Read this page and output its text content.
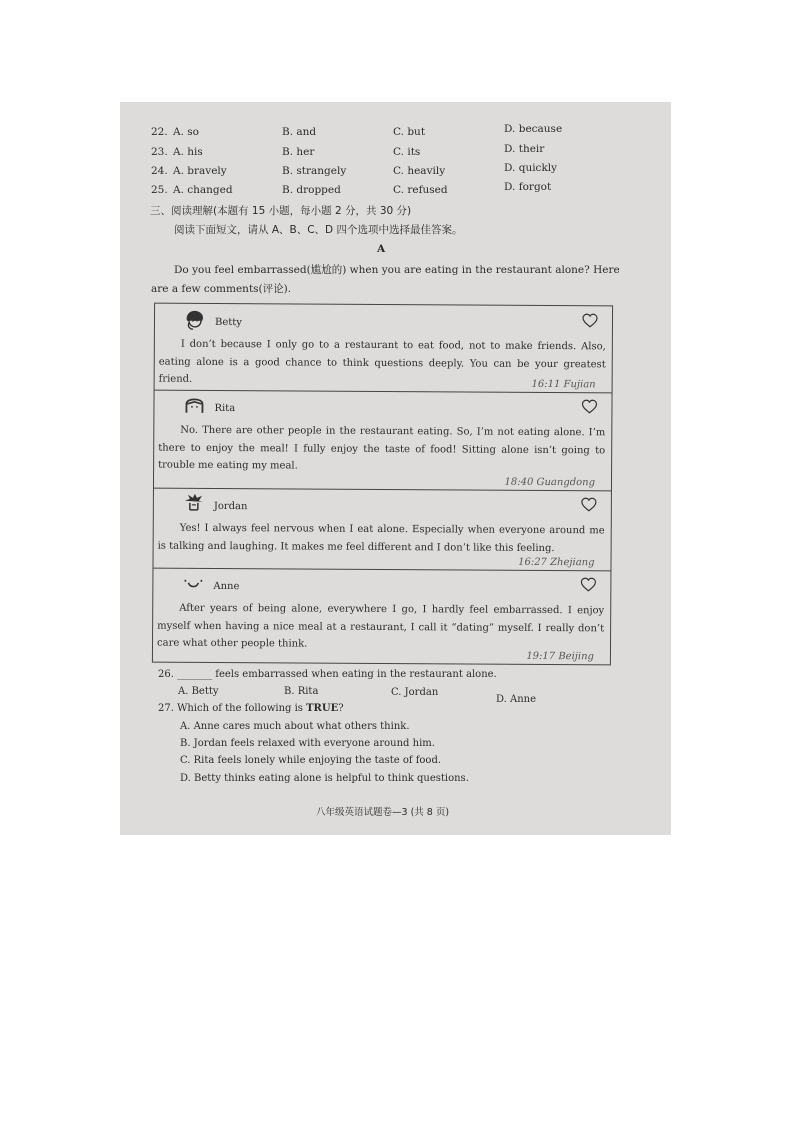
22. A. so	B. and	C. but	D. because
23. A. his	B. her	C. its	D. their
24. A. bravely	B. strangely	C. heavily	D. quickly
25. A. changed	B. dropped	C. refused	D. forgot
三、阅读理解(本题有 15 小题，每小题 2 分，共 30 分)
阅读下面短文，请从 A、B、C、D 四个选项中选择最佳答案。
A
Do you feel embarrassed(尴尬的) when you are eating in the restaurant alone? Here
are a few comments(评论).
Betty
I don’t because I only go to a restaurant to eat food, not to make friends. Also, eating alone is a good chance to think questions deeply. You can be your greatest friend.	16:11 Fujian
Rita
No. There are other people in the restaurant eating. So, I’m not eating alone. I’m there to enjoy the meal! I fully enjoy the taste of food! Sitting alone isn’t going to trouble me eating my meal.
18:40 Guangdong
Jordan
Yes! I always feel nervous when I eat alone. Especially when everyone around me is talking and laughing. It makes me feel different and I don’t like this feeling.
16:27 Zhejiang
Anne
After years of being alone, everywhere I go, I hardly feel embarrassed. I enjoy myself when having a nice meal at a restaurant, I call it “dating” myself. I really don’t care what other people think.
19:17 Beijing
26. _______ feels embarrassed when eating in the restaurant alone.
A. Betty	B. Rita	C. Jordan
D. Anne
27. Which of the following is TRUE?
A. Anne cares much about what others think.
B. Jordan feels relaxed with everyone around him.
C. Rita feels lonely while enjoying the taste of food.
D. Betty thinks eating alone is helpful to think questions.
八年级英语试题卷—3 (共 8 页)
